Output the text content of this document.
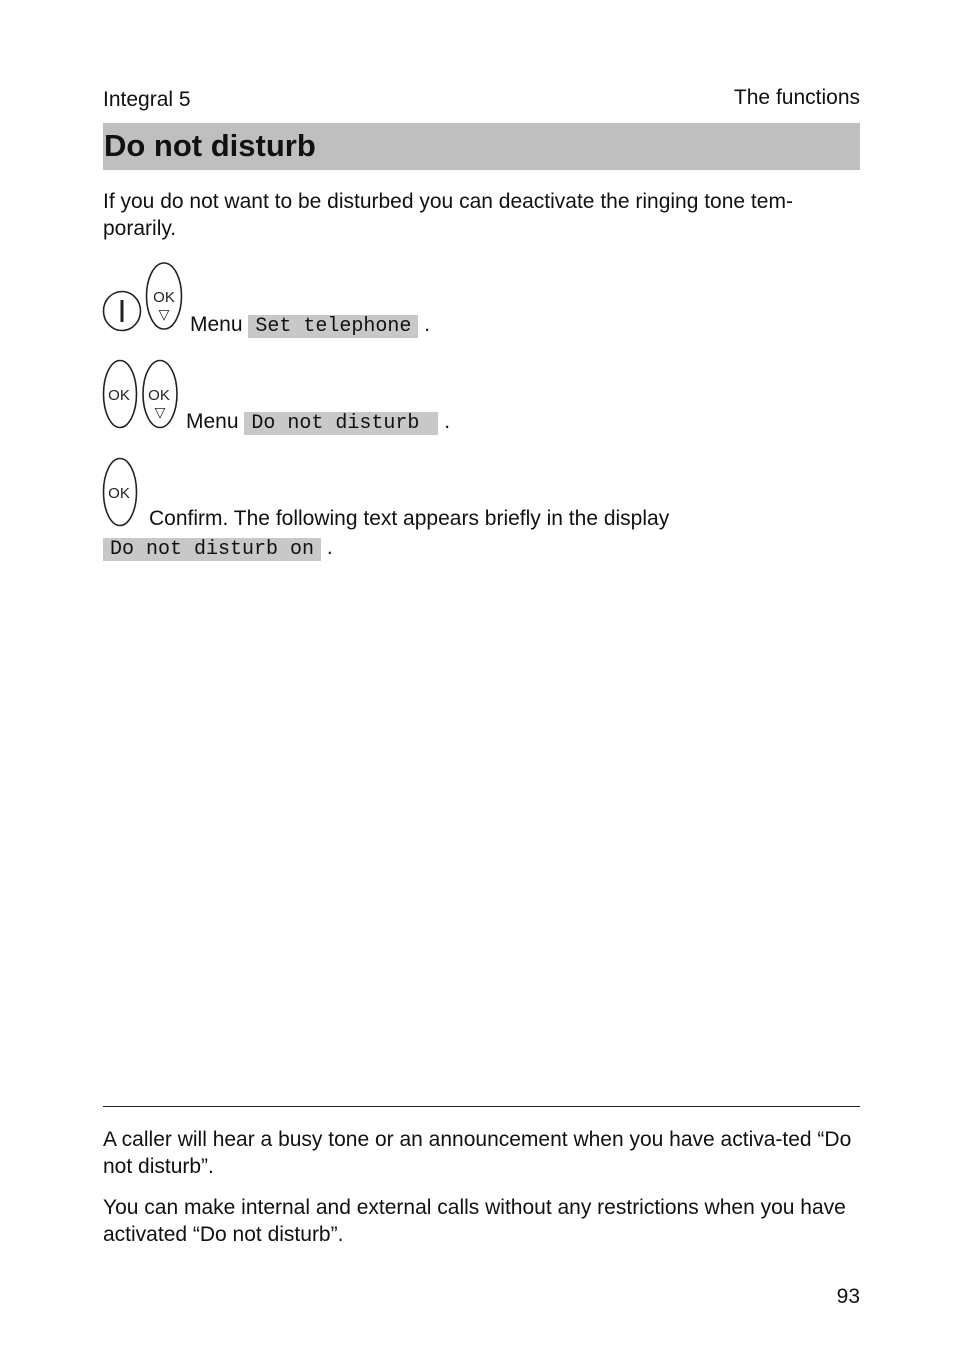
Integral 5	The functions
Do not disturb
If you do not want to be disturbed you can deactivate the ringing tone tem-porarily.
OK
▽ Menu Set telephone .
OK OK
▽ Menu Do not disturb  .
OK
Confirm. The following text appears briefly in the display
Do not disturb on .
A caller will hear a busy tone or an announcement when you have activa-ted “Do not disturb”.
You can make internal and external calls without any restrictions when you have activated “Do not disturb”.
93
